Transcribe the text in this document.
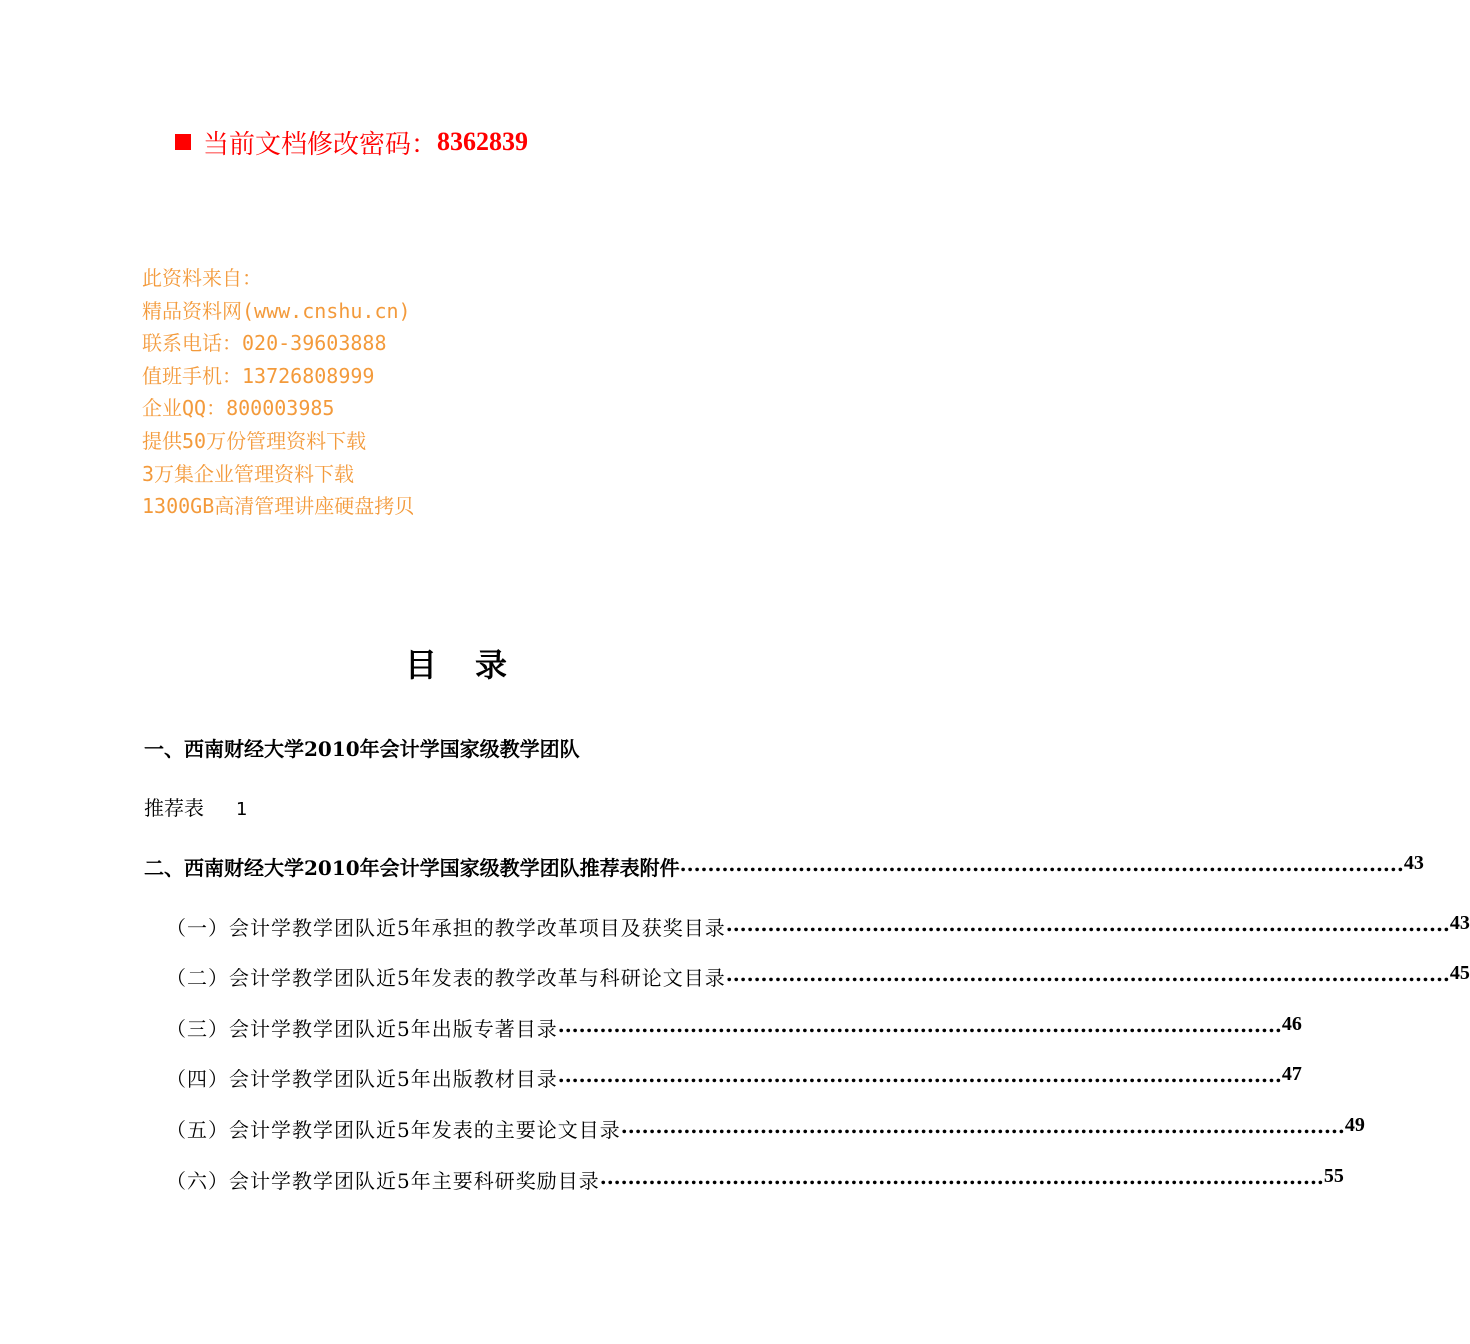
当前文档修改密码： 8362839
此资料来自：
精品资料网(www.cnshu.cn)
联系电话：020-39603888
值班手机：13726808999
企业QQ：800003985
提供50万份管理资料下载
3万集企业管理资料下载
1300GB高清管理讲座硬盘拷贝
目录
一、西南财经大学2010年会计学国家级教学团队
推荐表 1
二、西南财经大学2010年会计学国家级教学团队推荐表附件 ........................................................................................................ 43
（一）会计学教学团队近5年承担的教学改革项目及获奖目录 ........................................................................................................ 43
（二）会计学教学团队近5年发表的教学改革与科研论文目录 ........................................................................................................ 45
（三）会计学教学团队近5年出版专著目录 ........................................................................................................ 46
（四）会计学教学团队近5年出版教材目录 ........................................................................................................ 47
（五）会计学教学团队近5年发表的主要论文目录 ........................................................................................................ 49
（六）会计学教学团队近5年主要科研奖励目录 ........................................................................................................ 55
